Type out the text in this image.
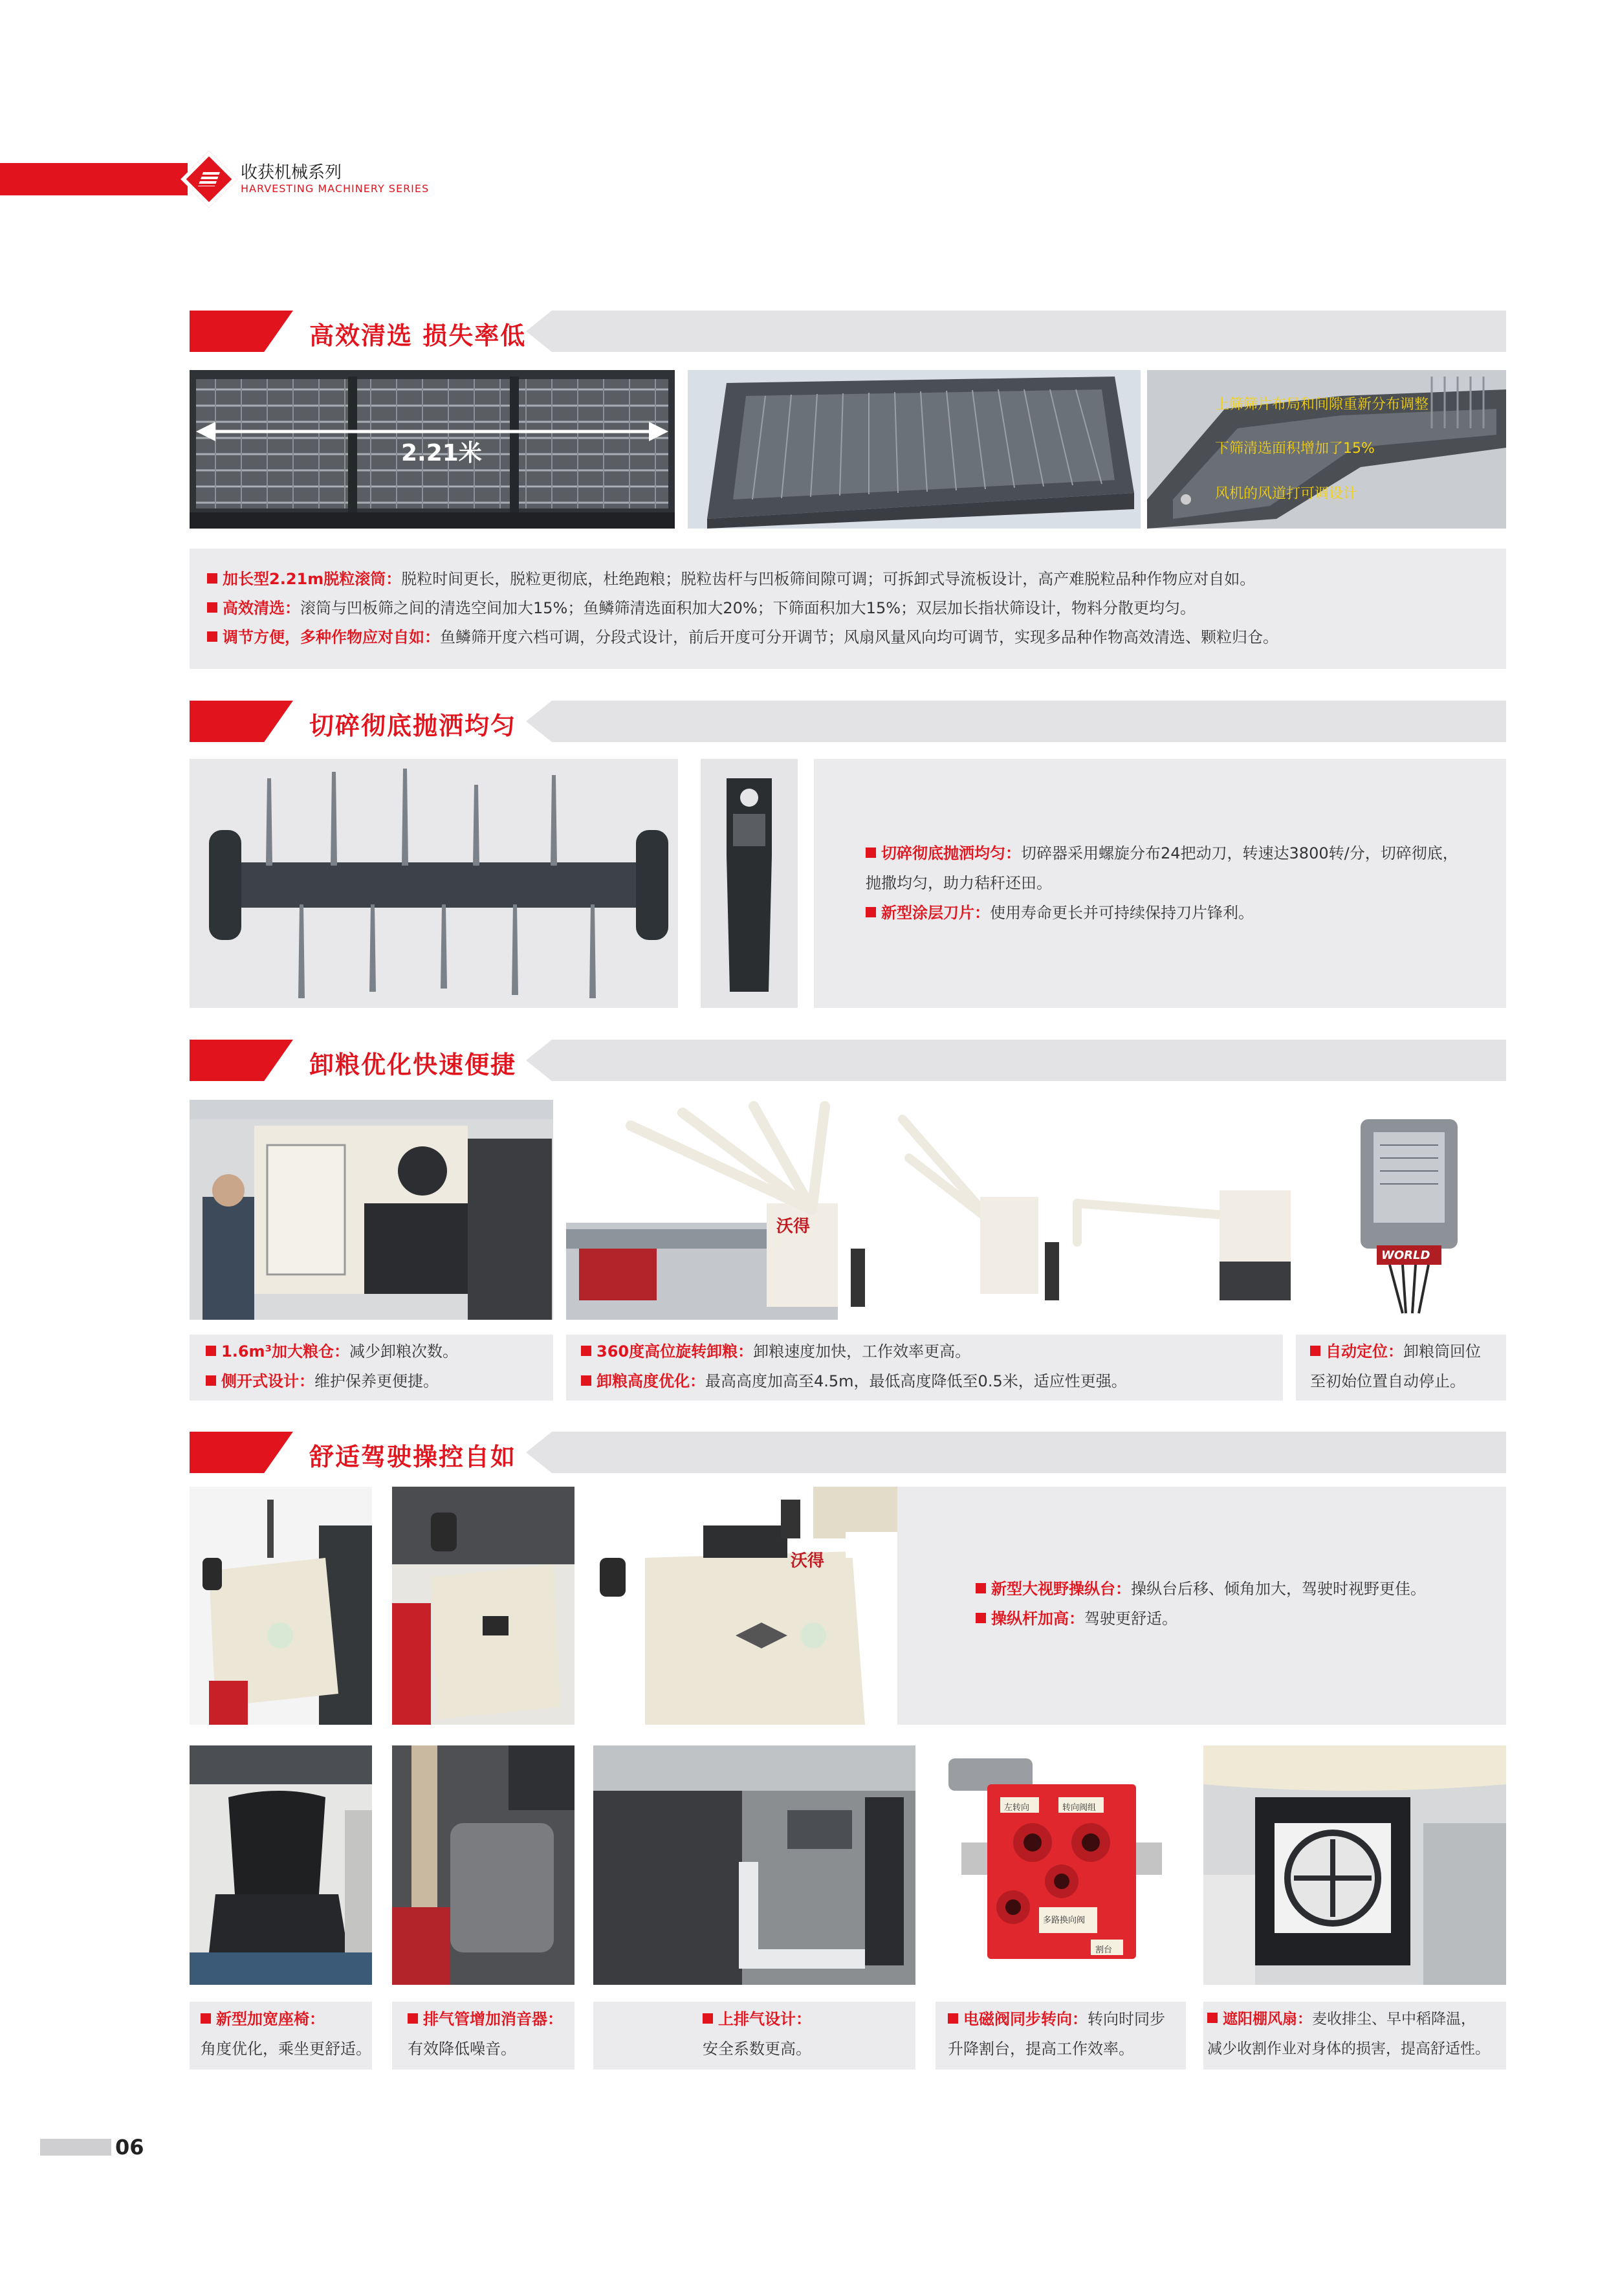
收获机械系列
HARVESTING MACHINERY SERIES
高效清选 损失率低
2.21米
上筛筛片布局和间隙重新分布调整
下筛清选面积增加了15%
风机的风道打可调设计
加长型2.21m脱粒滚筒：脱粒时间更长，脱粒更彻底，杜绝跑粮；脱粒齿杆与凹板筛间隙可调；可拆卸式导流板设计，高产难脱粒品种作物应对自如。
高效清选：滚筒与凹板筛之间的清选空间加大15%；鱼鳞筛清选面积加大20%；下筛面积加大15%；双层加长指状筛设计，物料分散更均匀。
调节方便，多种作物应对自如：鱼鳞筛开度六档可调，分段式设计，前后开度可分开调节；风扇风量风向均可调节，实现多品种作物高效清选、颗粒归仓。
切碎彻底抛洒均匀
切碎彻底抛洒均匀：切碎器采用螺旋分布24把动刀，转速达3800转/分，切碎彻底，
抛撒均匀，助力秸秆还田。
新型涂层刀片：使用寿命更长并可持续保持刀片锋利。
卸粮优化快速便捷
WORLD
沃得
1.6m³加大粮仓：减少卸粮次数。
侧开式设计：维护保养更便捷。
360度高位旋转卸粮：卸粮速度加快，工作效率更高。
卸粮高度优化：最高高度加高至4.5m，最低高度降低至0.5米，适应性更强。
自动定位：卸粮筒回位
至初始位置自动停止。
舒适驾驶操控自如
沃得
新型大视野操纵台：操纵台后移、倾角加大，驾驶时视野更佳。
操纵杆加高：驾驶更舒适。
左转向	转向阀组
多路换向阀
割台
新型加宽座椅：
角度优化，乘坐更舒适。
排气管增加消音器：
有效降低噪音。
上排气设计：
安全系数更高。
电磁阀同步转向：转向时同步
升降割台，提高工作效率。
遮阳棚风扇：麦收排尘、早中稻降温，
减少收割作业对身体的损害，提高舒适性。
06
